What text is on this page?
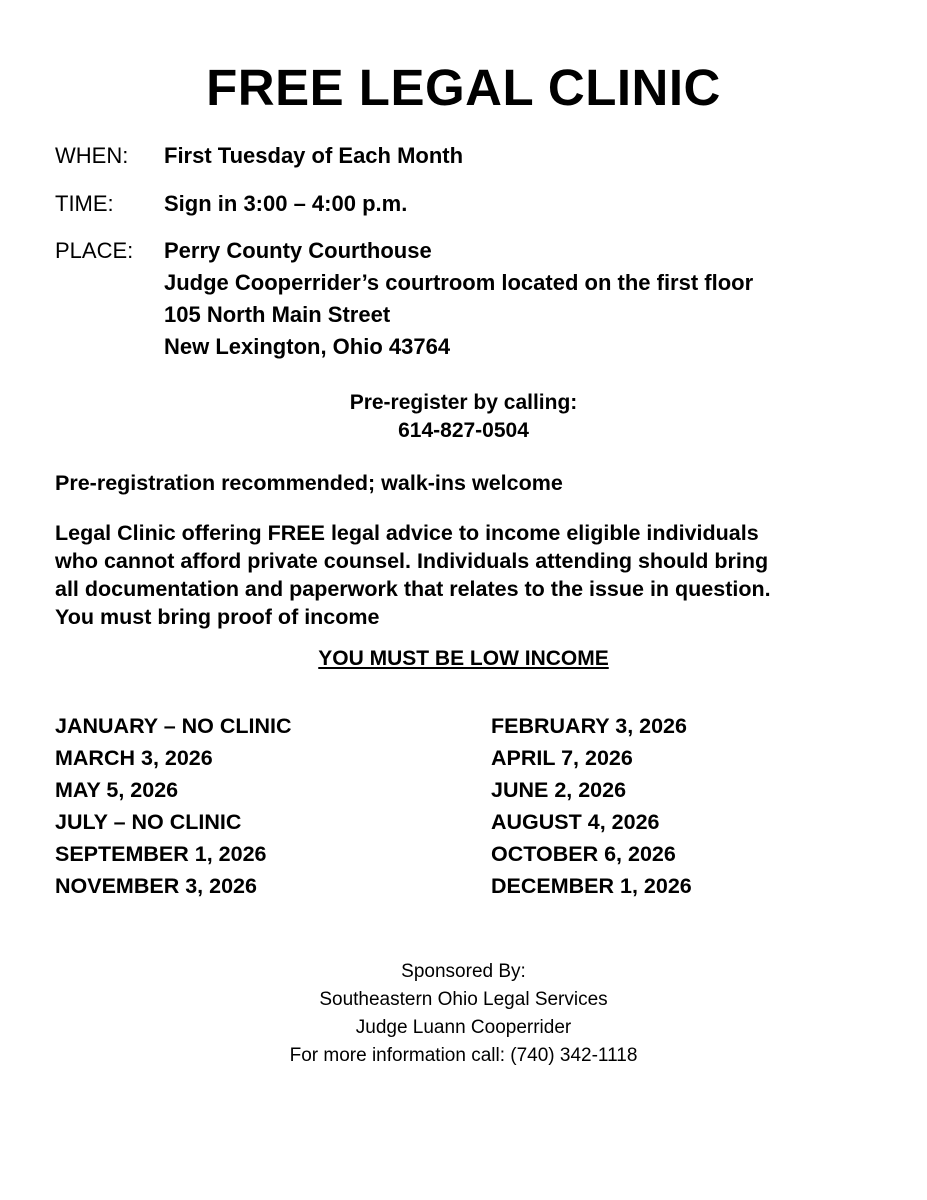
FREE LEGAL CLINIC
WHEN: First Tuesday of Each Month
TIME: Sign in 3:00 – 4:00 p.m.
PLACE: Perry County Courthouse
Judge Cooperrider’s courtroom located on the first floor
105 North Main Street
New Lexington, Ohio 43764
Pre-register by calling:
614-827-0504
Pre-registration recommended; walk-ins welcome
Legal Clinic offering FREE legal advice to income eligible individuals
who cannot afford private counsel. Individuals attending should bring
all documentation and paperwork that relates to the issue in question.
You must bring proof of income
YOU MUST BE LOW INCOME
JANUARY – NO CLINIC	FEBRUARY 3, 2026
MARCH 3, 2026	APRIL 7, 2026
MAY 5, 2026	JUNE 2, 2026
JULY – NO CLINIC	AUGUST 4, 2026
SEPTEMBER 1, 2026	OCTOBER 6, 2026
NOVEMBER 3, 2026	DECEMBER 1, 2026
Sponsored By:
Southeastern Ohio Legal Services
Judge Luann Cooperrider
For more information call: (740) 342-1118
